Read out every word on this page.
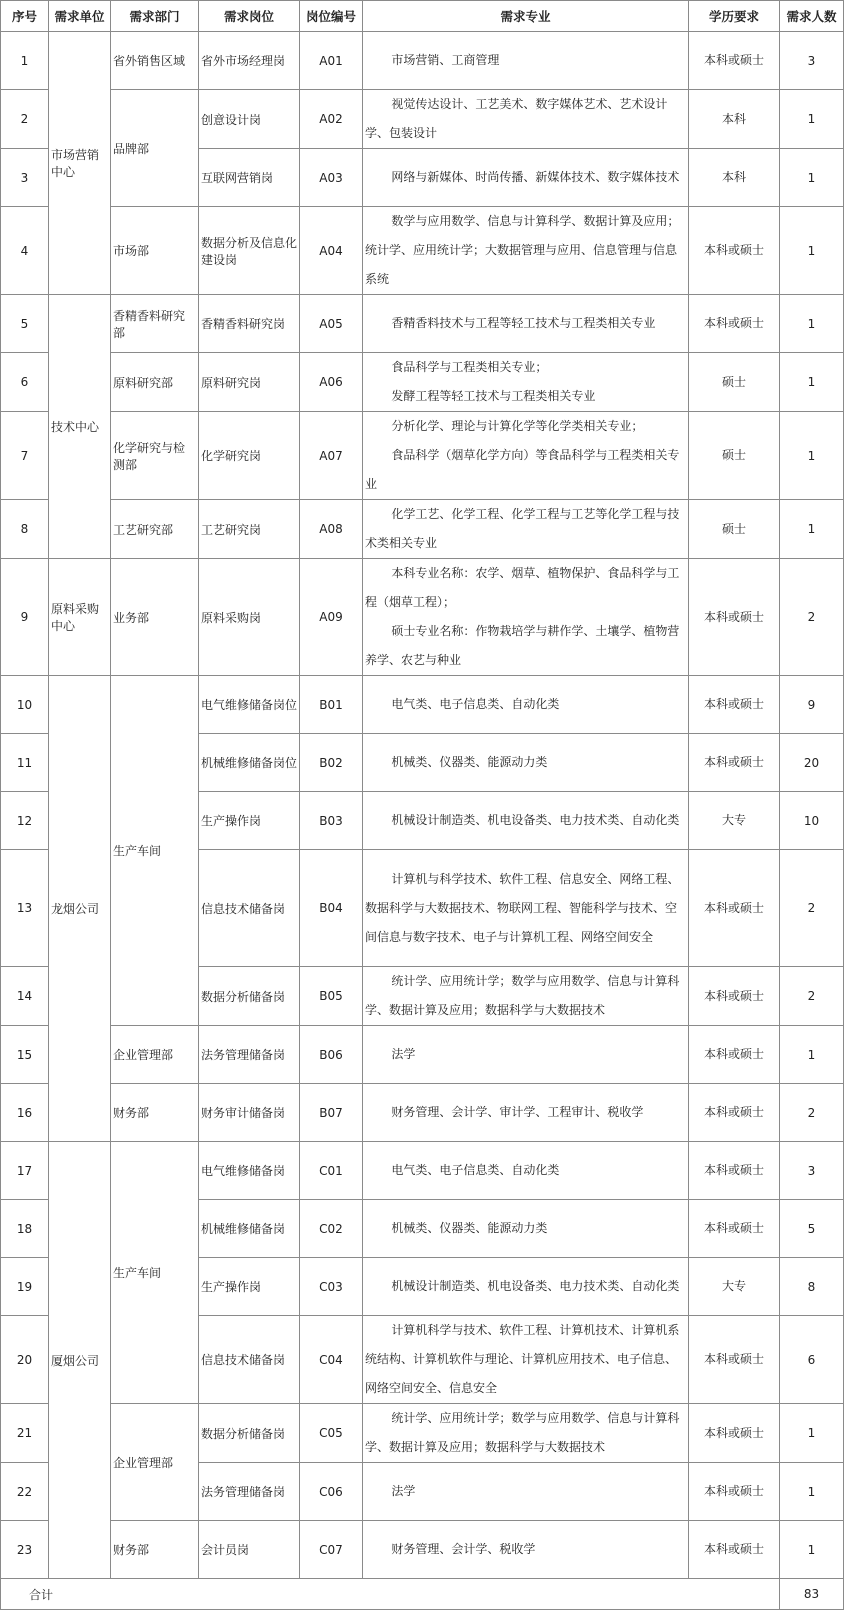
序号	需求单位	需求部门	需求岗位	岗位编号	需求专业	学历要求	需求人数
1	市场营销中心	省外销售区域	省外市场经理岗	A01	市场营销、工商管理	本科或硕士	3
2		品牌部	创意设计岗	A02	视觉传达设计、工艺美术、数字媒体艺术、艺术设计学、包装设计	本科	1
3			互联网营销岗	A03	网络与新媒体、时尚传播、新媒体技术、数字媒体技术	本科	1
4		市场部	数据分析及信息化建设岗	A04	数学与应用数学、信息与计算科学、数据计算及应用；统计学、应用统计学；大数据管理与应用、信息管理与信息系统	本科或硕士	1
5	技术中心	香精香料研究部	香精香料研究岗	A05	香精香料技术与工程等轻工技术与工程类相关专业	本科或硕士	1
6		原料研究部	原料研究岗	A06	食品科学与工程类相关专业；
发酵工程等轻工技术与工程类相关专业	硕士	1
7		化学研究与检测部	化学研究岗	A07	分析化学、理论与计算化学等化学类相关专业；
食品科学（烟草化学方向）等食品科学与工程类相关专业	硕士	1
8		工艺研究部	工艺研究岗	A08	化学工艺、化学工程、化学工程与工艺等化学工程与技术类相关专业	硕士	1
9	原料采购中心	业务部	原料采购岗	A09	本科专业名称：农学、烟草、植物保护、食品科学与工程（烟草工程）；
硕士专业名称：作物栽培学与耕作学、土壤学、植物营养学、农艺与种业	本科或硕士	2
10	龙烟公司	生产车间	电气维修储备岗位	B01	电气类、电子信息类、自动化类	本科或硕士	9
11			机械维修储备岗位	B02	机械类、仪器类、能源动力类	本科或硕士	20
12			生产操作岗	B03	机械设计制造类、机电设备类、电力技术类、自动化类	大专	10
13			信息技术储备岗	B04	计算机与科学技术、软件工程、信息安全、网络工程、数据科学与大数据技术、物联网工程、智能科学与技术、空间信息与数字技术、电子与计算机工程、网络空间安全	本科或硕士	2
14			数据分析储备岗	B05	统计学、应用统计学；数学与应用数学、信息与计算科学、数据计算及应用；数据科学与大数据技术	本科或硕士	2
15		企业管理部	法务管理储备岗	B06	法学	本科或硕士	1
16		财务部	财务审计储备岗	B07	财务管理、会计学、审计学、工程审计、税收学	本科或硕士	2
17	厦烟公司	生产车间	电气维修储备岗	C01	电气类、电子信息类、自动化类	本科或硕士	3
18			机械维修储备岗	C02	机械类、仪器类、能源动力类	本科或硕士	5
19			生产操作岗	C03	机械设计制造类、机电设备类、电力技术类、自动化类	大专	8
20			信息技术储备岗	C04	计算机科学与技术、软件工程、计算机技术、计算机系统结构、计算机软件与理论、计算机应用技术、电子信息、网络空间安全、信息安全	本科或硕士	6
21		企业管理部	数据分析储备岗	C05	统计学、应用统计学；数学与应用数学、信息与计算科学、数据计算及应用；数据科学与大数据技术	本科或硕士	1
22			法务管理储备岗	C06	法学	本科或硕士	1
23		财务部	会计员岗	C07	财务管理、会计学、税收学	本科或硕士	1
合计							83
